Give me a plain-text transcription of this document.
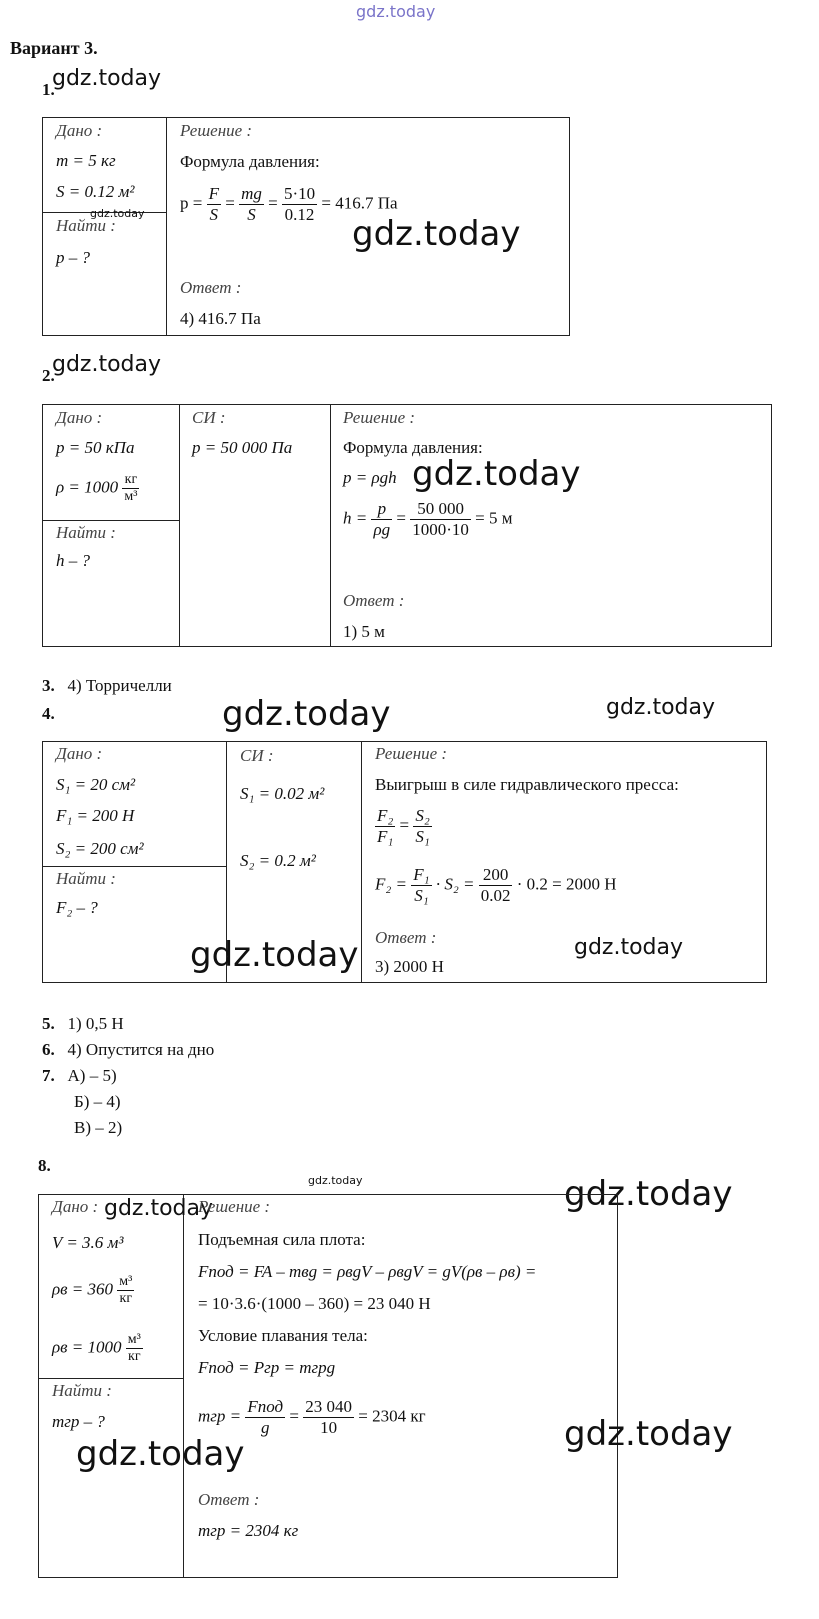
gdz.today
Вариант 3.
1.
gdz.today
Дано :
m = 5 кг
S = 0.12 м²
Найти :
gdz.today
p – ?
Решение :
Формула давления:
$p = \frac{F}{S} = \frac{mg}{S} = \frac{5\cdot 10}{0.12} = 416.7$ Па
gdz.today
Ответ :
4) 416.7 Па
2.
gdz.today
Дано :
p = 50 кПа
$\rho = 1000 \frac{кг}{\text{м³}}$
Найти :
h – ?
СИ :
p = 50 000 Па
Решение :
Формула давления:
p = ρgh gdz.today
$h = \frac{p}{\rho g} = \frac{50 000}{1000\cdot 10} = 5$ м
Ответ :
1) 5 м
3. 4) Торричелли
4.	gdz.today	gdz.today
Дано :
S₁ = 20 см²
F₁ = 200 Н
S₂ = 200 см²
Найти :
F₂ – ?
СИ :
S₁ = 0.02 м²
S₂ = 0.2 м²
Решение :
Выигрыш в силе гидравлического пресса:
$\frac{\text{F₂}}{\text{F₁}} = \frac{\text{S₂}}{\text{S₁}}$
$F_2 = \frac{\text{F₁}}{\text{S₁}} \cdot S_2 = \frac{200}{0.02} \cdot 0.2 = 2000$ Н
Ответ :
3) 2000 Н
gdz.today	gdz.today
5. 1) 0,5 Н
6. 4) Опустится на дно
7. А) – 5)
Б) – 4)
В) – 2)
8.
gdz.today	gdz.today
Дано : gdz.today
V = 3.6 м³
$\rho в = 360 \frac{\text{м³}}{кг}$
$\rho в = 1000 \frac{\text{м³}}{кг}$
Найти :
mгр – ?
gdz.today
Решение :
Подъемная сила плота:
Fпод = FA – mвg = ρвgV – ρвgV = gV(ρв – ρв) =
= 10·3.6·(1000 – 360) = 23 040 Н
Условие плавания тела:
Fпод = Pгр = mгрg
mгр = $\frac{\text{Fпод}}{g} = \frac{23 040}{10} = 2304$ кг	gdz.today
Ответ :
mгр = 2304 кг
